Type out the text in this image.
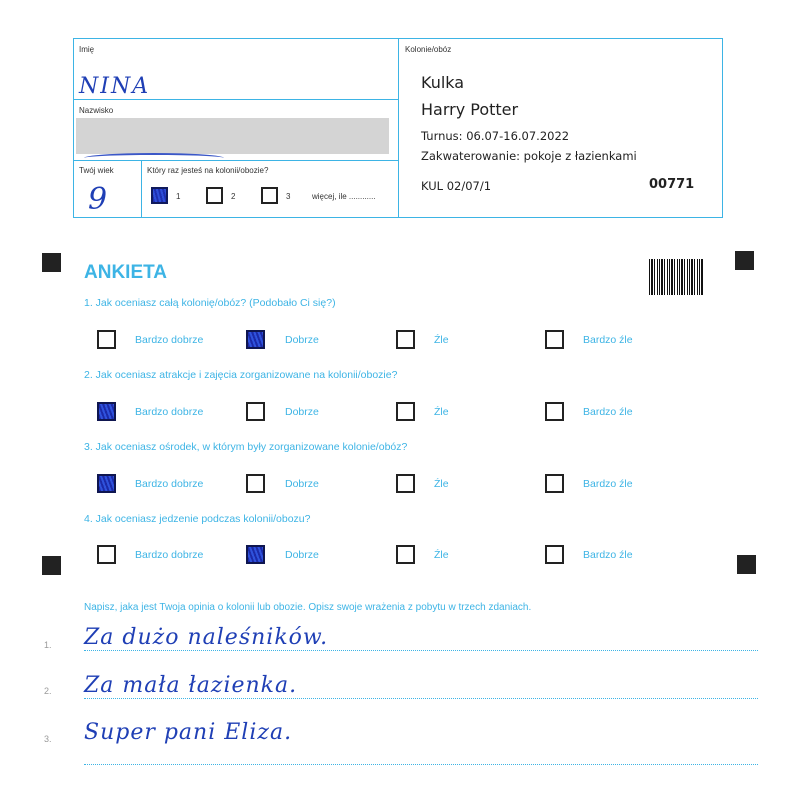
Imię
NINA
Nazwisko
Twój wiek
9
Który raz jesteś na kolonii/obozie?
1	2	3	więcej, ile ............
Kolonie/obóz
Kulka
Harry Potter
Turnus: 06.07-16.07.2022
Zakwaterowanie: pokoje z łazienkami
KUL 02/07/1	00771
ANKIETA
1. Jak oceniasz całą kolonię/obóz? (Podobało Ci się?)
Bardzo dobrze	Dobrze	Źle	Bardzo źle
2. Jak oceniasz atrakcje i zajęcia zorganizowane na kolonii/obozie?
Bardzo dobrze	Dobrze	Źle	Bardzo źle
3. Jak oceniasz ośrodek, w którym były zorganizowane kolonie/obóz?
Bardzo dobrze	Dobrze	Źle	Bardzo źle
4. Jak oceniasz jedzenie podczas kolonii/obozu?
Bardzo dobrze	Dobrze	Źle	Bardzo źle
Napisz, jaka jest Twoja opinia o kolonii lub obozie. Opisz swoje wrażenia z pobytu w trzech zdaniach.
1. Za dużo naleśników.
2. Za mała łazienka.
3. Super pani Eliza.
